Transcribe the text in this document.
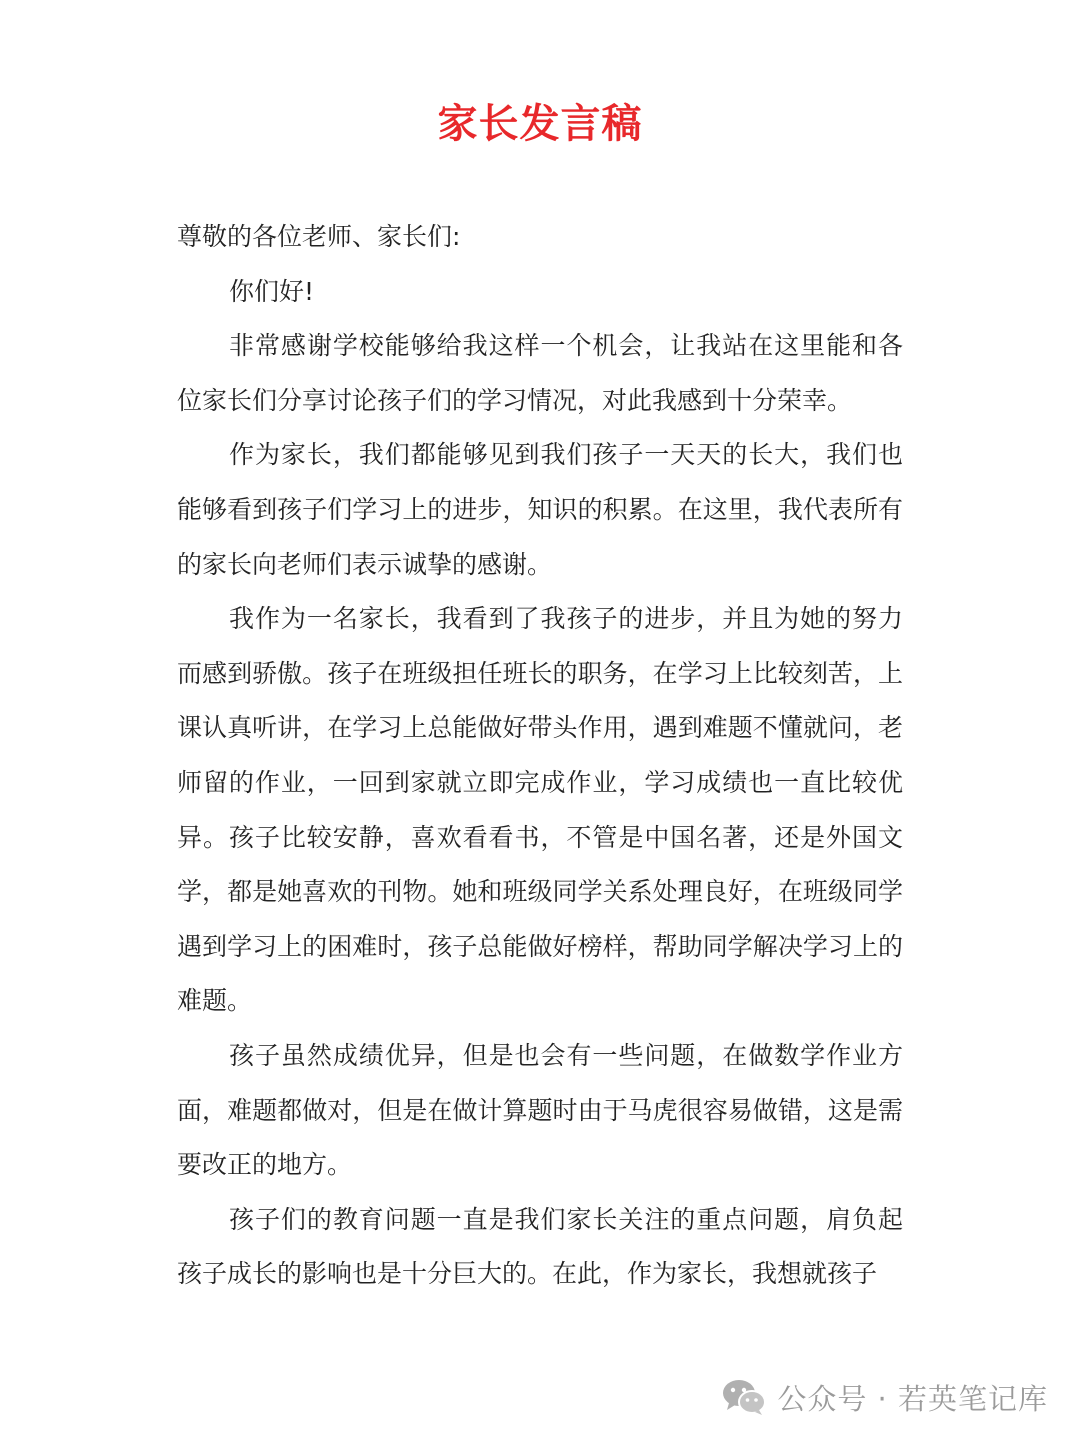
家长发言稿

尊敬的各位老师、家长们:

你们好!

非常感谢学校能够给我这样一个机会，让我站在这里能和各位家长们分享讨论孩子们的学习情况，对此我感到十分荣幸。

作为家长，我们都能够见到我们孩子一天天的长大，我们也能够看到孩子们学习上的进步，知识的积累。在这里，我代表所有的家长向老师们表示诚挚的感谢。

我作为一名家长，我看到了我孩子的进步，并且为她的努力而感到骄傲。孩子在班级担任班长的职务，在学习上比较刻苦，上课认真听讲，在学习上总能做好带头作用，遇到难题不懂就问，老师留的作业，一回到家就立即完成作业，学习成绩也一直比较优异。孩子比较安静，喜欢看看书，不管是中国名著，还是外国文学，都是她喜欢的刊物。她和班级同学关系处理良好，在班级同学遇到学习上的困难时，孩子总能做好榜样，帮助同学解决学习上的难题。

孩子虽然成绩优异，但是也会有一些问题，在做数学作业方面，难题都做对，但是在做计算题时由于马虎很容易做错，这是需要改正的地方。

孩子们的教育问题一直是我们家长关注的重点问题，肩负起孩子成长的影响也是十分巨大的。在此，作为家长，我想就孩子

公众号 · 若英笔记库
